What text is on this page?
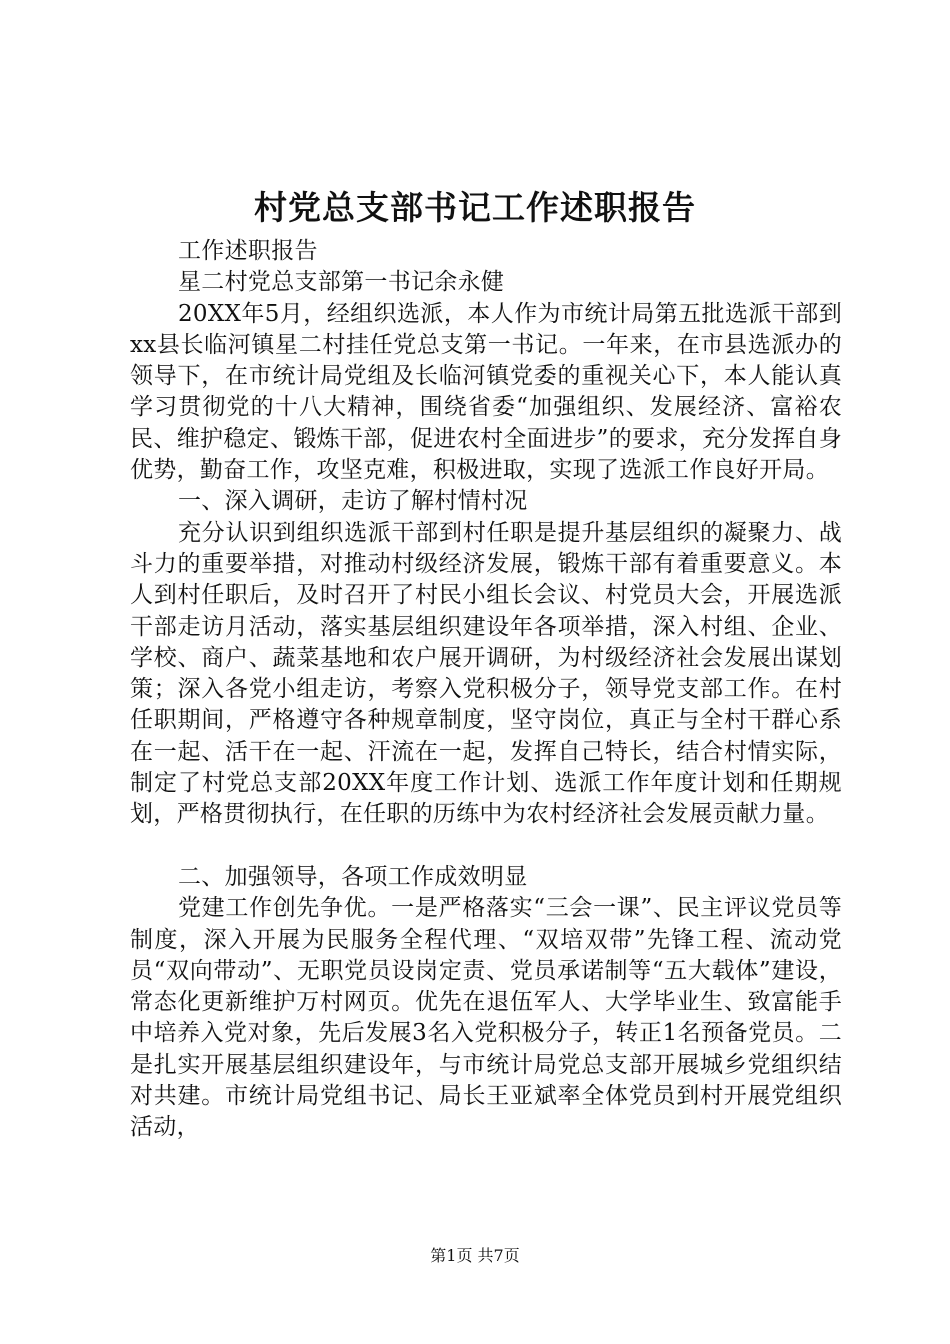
村党总支部书记工作述职报告

工作述职报告

星二村党总支部第一书记余永健

20XX年5月，经组织选派，本人作为市统计局第五批选派干部到xx县长临河镇星二村挂任党总支第一书记。一年来，在市县选派办的领导下，在市统计局党组及长临河镇党委的重视关心下，本人能认真学习贯彻党的十八大精神，围绕省委“加强组织、发展经济、富裕农民、维护稳定、锻炼干部，促进农村全面进步”的要求，充分发挥自身优势，勤奋工作，攻坚克难，积极进取，实现了选派工作良好开局。

一、深入调研，走访了解村情村况

充分认识到组织选派干部到村任职是提升基层组织的凝聚力、战斗力的重要举措，对推动村级经济发展，锻炼干部有着重要意义。本人到村任职后，及时召开了村民小组长会议、村党员大会，开展选派干部走访月活动，落实基层组织建设年各项举措，深入村组、企业、学校、商户、蔬菜基地和农户展开调研，为村级经济社会发展出谋划策；深入各党小组走访，考察入党积极分子，领导党支部工作。在村任职期间，严格遵守各种规章制度，坚守岗位，真正与全村干群心系在一起、活干在一起、汗流在一起，发挥自己特长，结合村情实际，制定了村党总支部20XX年度工作计划、选派工作年度计划和任期规划，严格贯彻执行，在任职的历练中为农村经济社会发展贡献力量。

二、加强领导，各项工作成效明显

党建工作创先争优。一是严格落实“三会一课”、民主评议党员等制度，深入开展为民服务全程代理、“双培双带”先锋工程、流动党员“双向带动”、无职党员设岗定责、党员承诺制等“五大载体”建设，常态化更新维护万村网页。优先在退伍军人、大学毕业生、致富能手中培养入党对象，先后发展3名入党积极分子，转正1名预备党员。二是扎实开展基层组织建设年，与市统计局党总支部开展城乡党组织结对共建。市统计局党组书记、局长王亚斌率全体党员到村开展党组织活动，

第1页 共7页
